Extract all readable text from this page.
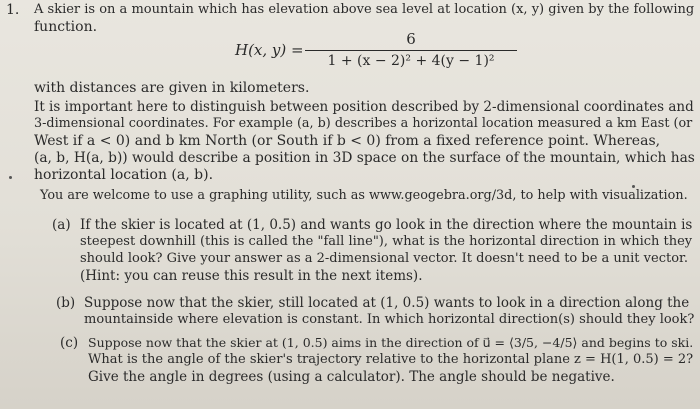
1. A skier is on a mountain which has elevation above sea level at location (x, y) given by the following
function.
H(x, y) =
6
1 + (x − 2)² + 4(y − 1)²
with distances are given in kilometers.
It is important here to distinguish between position described by 2-dimensional coordinates and
3-dimensional coordinates. For example (a, b) describes a horizontal location measured a km East (or
West if a < 0) and b km North (or South if b < 0) from a fixed reference point. Whereas,
(a, b, H(a, b)) would describe a position in 3D space on the surface of the mountain, which has
horizontal location (a, b).
You are welcome to use a graphing utility, such as www.geogebra.org/3d, to help with visualization.
(a) If the skier is located at (1, 0.5) and wants go look in the direction where the mountain is
steepest downhill (this is called the "fall line"), what is the horizontal direction in which they
should look? Give your answer as a 2-dimensional vector. It doesn't need to be a unit vector.
(Hint: you can reuse this result in the next items).
(b) Suppose now that the skier, still located at (1, 0.5) wants to look in a direction along the
mountainside where elevation is constant. In which horizontal direction(s) should they look?
(c) Suppose now that the skier at (1, 0.5) aims in the direction of u⃗ = ⟨3/5, −4/5⟩ and begins to ski.
What is the angle of the skier's trajectory relative to the horizontal plane z = H(1, 0.5) = 2?
Give the angle in degrees (using a calculator). The angle should be negative.
